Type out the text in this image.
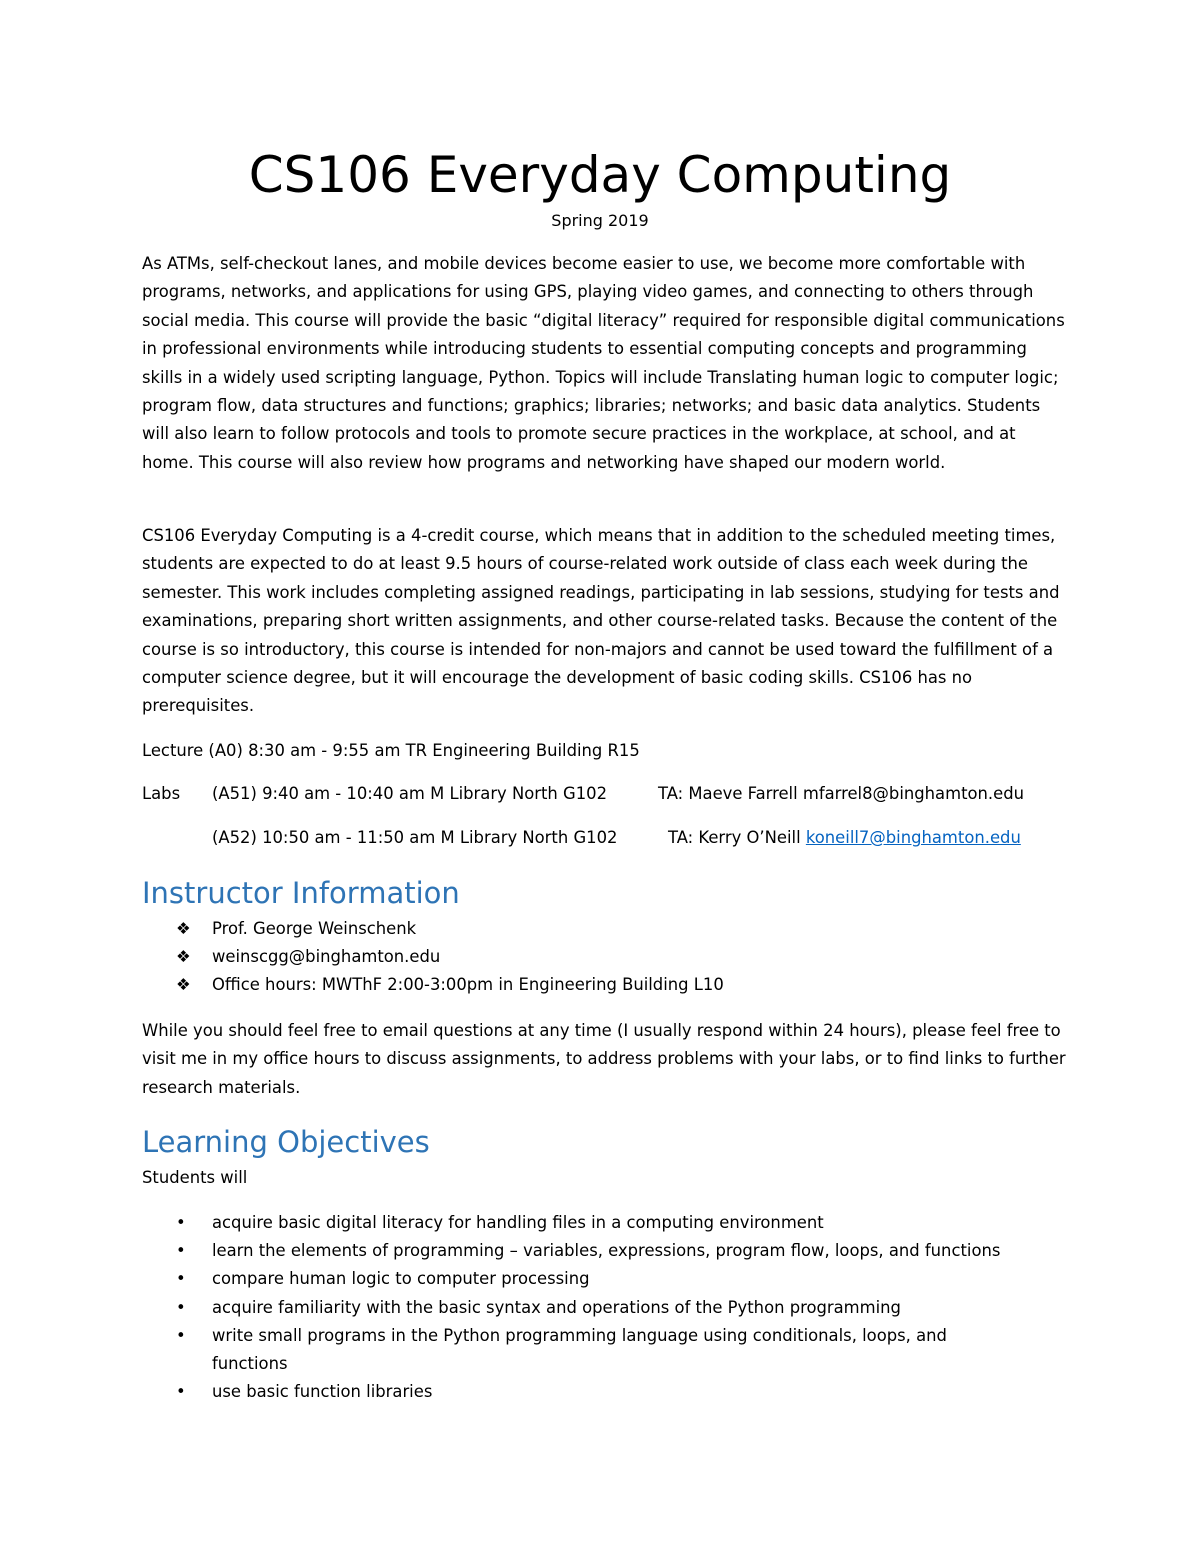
CS106 Everyday Computing
Spring 2019

As ATMs, self-checkout lanes, and mobile devices become easier to use, we become more comfortable with programs, networks, and applications for using GPS, playing video games, and connecting to others through social media. This course will provide the basic “digital literacy” required for responsible digital communications in professional environments while introducing students to essential computing concepts and programming skills in a widely used scripting language, Python. Topics will include Translating human logic to computer logic; program flow, data structures and functions; graphics; libraries; networks; and basic data analytics. Students will also learn to follow protocols and tools to promote secure practices in the workplace, at school, and at home. This course will also review how programs and networking have shaped our modern world.

CS106 Everyday Computing is a 4-credit course, which means that in addition to the scheduled meeting times, students are expected to do at least 9.5 hours of course-related work outside of class each week during the semester. This work includes completing assigned readings, participating in lab sessions, studying for tests and examinations, preparing short written assignments, and other course-related tasks. Because the content of the course is so introductory, this course is intended for non-majors and cannot be used toward the fulfillment of a computer science degree, but it will encourage the development of basic coding skills. CS106 has no prerequisites.

Lecture (A0) 8:30 am - 9:55 am TR Engineering Building R15
Labs (A51) 9:40 am - 10:40 am M Library North G102	TA: Maeve Farrell mfarrel8@binghamton.edu
(A52) 10:50 am - 11:50 am M Library North G102	TA: Kerry O’Neill koneill7@binghamton.edu
Instructor Information
❖ Prof. George Weinschenk
❖ weinscgg@binghamton.edu
❖ Office hours: MWThF 2:00-3:00pm in Engineering Building L10

While you should feel free to email questions at any time (I usually respond within 24 hours), please feel free to visit me in my office hours to discuss assignments, to address problems with your labs, or to find links to further research materials.

Learning Objectives
Students will
• acquire basic digital literacy for handling files in a computing environment
• learn the elements of programming – variables, expressions, program flow, loops, and functions
• compare human logic to computer processing
• acquire familiarity with the basic syntax and operations of the Python programming
• write small programs in the Python programming language using conditionals, loops, and functions
• use basic function libraries
